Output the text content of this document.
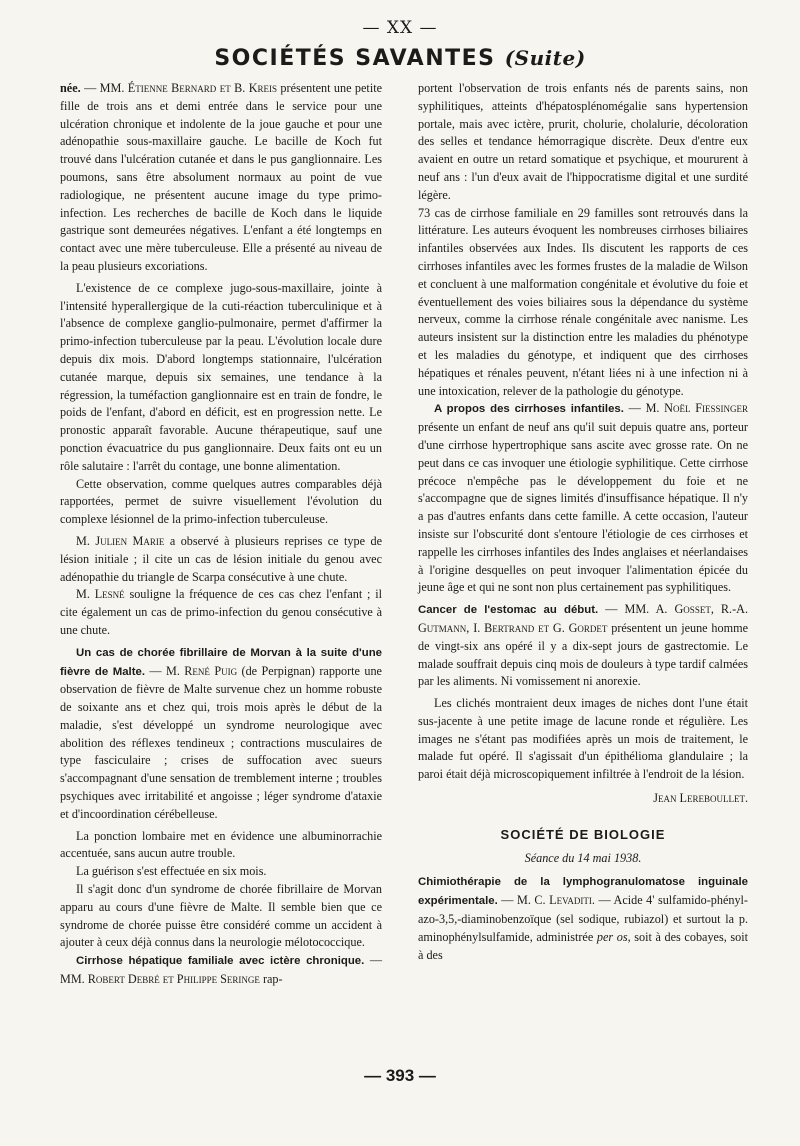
— XX —
SOCIÉTÉS SAVANTES (Suite)

née. — MM. Étienne Bernard et B. Kreis présentent une petite fille de trois ans et demi entrée dans le service pour une ulcération chronique et indolente de la joue gauche et pour une adénopathie sous-maxillaire gauche. Le bacille de Koch fut trouvé dans l'ulcération cutanée et dans le pus ganglionnaire. Les poumons, sans être absolument normaux au point de vue radiologique, ne présentent aucune image du type primo-infection. Les recherches de bacille de Koch dans le liquide gastrique sont demeurées négatives. L'enfant a été longtemps en contact avec une mère tuberculeuse. Elle a présenté au niveau de la peau plusieurs excoriations.

L'existence de ce complexe jugo-sous-maxillaire, jointe à l'intensité hyperallergique de la cuti-réaction tuberculinique et à l'absence de complexe ganglio-pulmonaire, permet d'affirmer la primo-infection tuberculeuse par la peau. L'évolution locale dure depuis dix mois. D'abord longtemps stationnaire, l'ulcération cutanée marque, depuis six semaines, une tendance à la régression, la tuméfaction ganglionnaire est en train de fondre, le poids de l'enfant, d'abord en déficit, est en progression nette. Le pronostic apparaît favorable. Aucune thérapeutique, sauf une ponction évacuatrice du pus ganglionnaire. Deux faits ont eu un rôle salutaire : l'arrêt du contage, une bonne alimentation.

Cette observation, comme quelques autres comparables déjà rapportées, permet de suivre visuellement l'évolution du complexe lésionnel de la primo-infection tuberculeuse.

M. Julien Marie a observé à plusieurs reprises ce type de lésion initiale ; il cite un cas de lésion initiale du genou avec adénopathie du triangle de Scarpa consécutive à une chute.

M. Lesné souligne la fréquence de ces cas chez l'enfant ; il cite également un cas de primo-infection du genou consécutive à une chute.

Un cas de chorée fibrillaire de Morvan à la suite d'une fièvre de Malte. — M. René Puig (de Perpignan) rapporte une observation de fièvre de Malte survenue chez un homme robuste de soixante ans et chez qui, trois mois après le début de la maladie, s'est développé un syndrome neurologique avec abolition des réflexes tendineux ; contractions musculaires de type fasciculaire ; crises de suffocation avec sueurs s'accompagnant d'une sensation de tremblement interne ; troubles psychiques avec irritabilité et angoisse ; léger syndrome d'ataxie et d'incoordination cérébelleuse.

La ponction lombaire met en évidence une albuminorrachie accentuée, sans aucun autre trouble.

La guérison s'est effectuée en six mois.

Il s'agit donc d'un syndrome de chorée fibrillaire de Morvan apparu au cours d'une fièvre de Malte. Il semble bien que ce syndrome de chorée puisse être considéré comme un accident à ajouter à ceux déjà connus dans la neurologie mélotococcique.

Cirrhose hépatique familiale avec ictère chronique. — MM. Robert Debré et Philippe Seringe rap-

portent l'observation de trois enfants nés de parents sains, non syphilitiques, atteints d'hépatosplénomégalie sans hypertension portale, mais avec ictère, prurit, cholurie, cholalurie, décoloration des selles et tendance hémorragique discrète. Deux d'entre eux avaient en outre un retard somatique et psychique, et moururent à neuf ans : l'un d'eux avait de l'hippocratisme digital et une surdité légère.

73 cas de cirrhose familiale en 29 familles sont retrouvés dans la littérature. Les auteurs évoquent les nombreuses cirrhoses biliaires infantiles observées aux Indes. Ils discutent les rapports de ces cirrhoses infantiles avec les formes frustes de la maladie de Wilson et concluent à une malformation congénitale et évolutive du foie et éventuellement des voies biliaires sous la dépendance du système nerveux, comme la cirrhose rénale congénitale avec nanisme. Les auteurs insistent sur la distinction entre les maladies du phénotype et les maladies du génotype, et indiquent que des cirrhoses hépatiques et rénales peuvent, n'étant liées ni à une infection ni à une intoxication, relever de la pathologie du génotype.

A propos des cirrhoses infantiles. — M. Noël Fiessinger présente un enfant de neuf ans qu'il suit depuis quatre ans, porteur d'une cirrhose hypertrophique sans ascite avec grosse rate. On ne peut dans ce cas invoquer une étiologie syphilitique. Cette cirrhose précoce n'empêche pas le développement du foie et ne s'accompagne que de signes limités d'insuffisance hépatique. Il n'y a pas d'autres enfants dans cette famille. A cette occasion, l'auteur insiste sur l'obscurité dont s'entoure l'étiologie de ces cirrhoses et rappelle les cirrhoses infantiles des Indes anglaises et néerlandaises à l'origine desquelles on peut invoquer l'alimentation épicée du jeune âge et qui ne sont non plus certainement pas syphilitiques.

Cancer de l'estomac au début. — MM. A. Gosset, R.-A. Gutmann, I. Bertrand et G. Gordet présentent un jeune homme de vingt-six ans opéré il y a dix-sept jours de gastrectomie. Le malade souffrait depuis cinq mois de douleurs à type tardif calmées par les aliments. Ni vomissement ni anorexie.

Les clichés montraient deux images de niches dont l'une était sus-jacente à une petite image de lacune ronde et régulière. Les images ne s'étant pas modifiées après un mois de traitement, le malade fut opéré. Il s'agissait d'un épithélioma glandulaire ; la paroi était déjà microscopiquement infiltrée à l'endroit de la lésion.

Jean Lereboullet.
SOCIÉTÉ DE BIOLOGIE
Séance du 14 mai 1938.

Chimiothérapie de la lymphogranulomatose inguinale expérimentale. — M. C. Levaditi. — Acide 4' sulfamido-phényl-azo-3,5,-diaminobenzoïque (sel sodique, rubiazol) et surtout la p. aminophénylsulfamide, administrée per os, soit à des cobayes, soit à des

— 393 —
